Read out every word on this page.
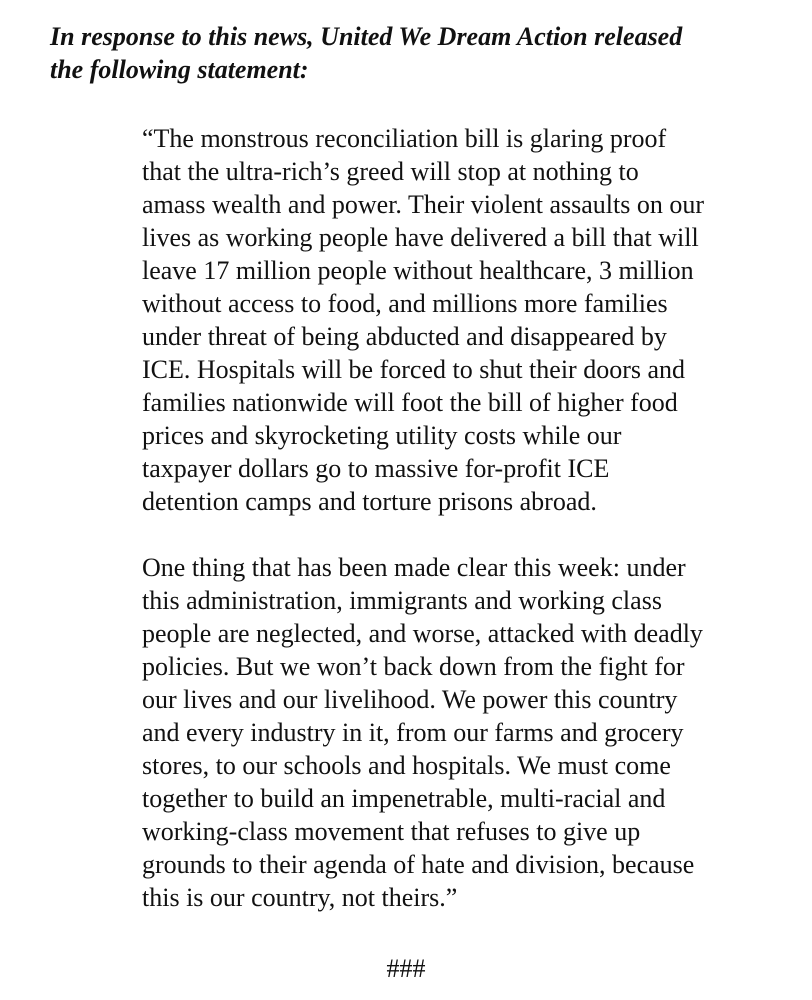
In response to this news, United We Dream Action released
the following statement:

“The monstrous reconciliation bill is glaring proof
that the ultra-rich’s greed will stop at nothing to
amass wealth and power. Their violent assaults on our
lives as working people have delivered a bill that will
leave 17 million people without healthcare, 3 million
without access to food, and millions more families
under threat of being abducted and disappeared by
ICE. Hospitals will be forced to shut their doors and
families nationwide will foot the bill of higher food
prices and skyrocketing utility costs while our
taxpayer dollars go to massive for-profit ICE
detention camps and torture prisons abroad.

One thing that has been made clear this week: under
this administration, immigrants and working class
people are neglected, and worse, attacked with deadly
policies. But we won’t back down from the fight for
our lives and our livelihood. We power this country
and every industry in it, from our farms and grocery
stores, to our schools and hospitals. We must come
together to build an impenetrable, multi-racial and
working-class movement that refuses to give up
grounds to their agenda of hate and division, because
this is our country, not theirs.”

###
